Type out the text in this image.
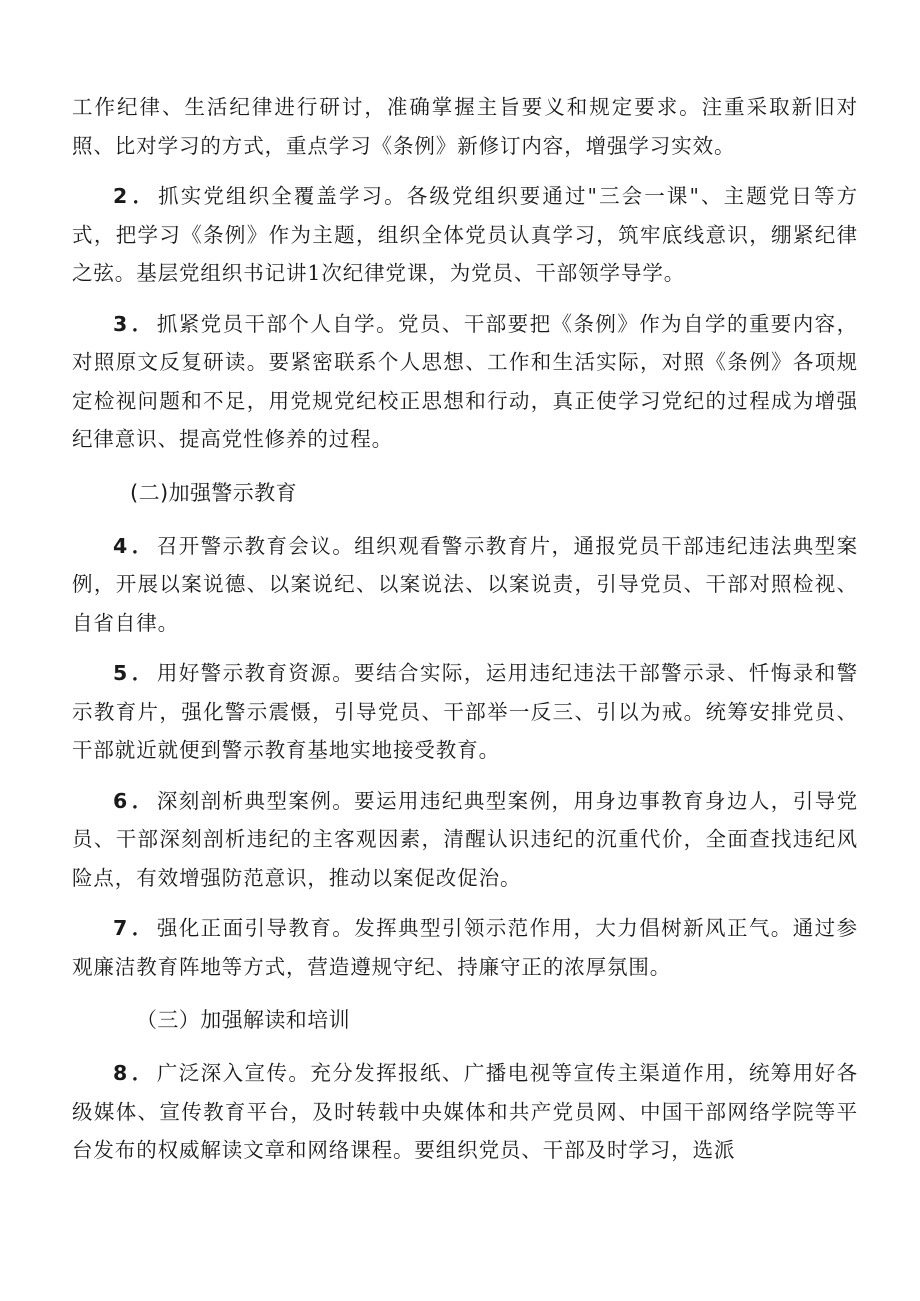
工作纪律、生活纪律进行研讨，准确掌握主旨要义和规定要求。注重采取新旧对照、比对学习的方式，重点学习《条例》新修订内容，增强学习实效。

2．抓实党组织全覆盖学习。各级党组织要通过"三会一课"、主题党日等方式，把学习《条例》作为主题，组织全体党员认真学习，筑牢底线意识，绷紧纪律之弦。基层党组织书记讲1次纪律党课，为党员、干部领学导学。

3．抓紧党员干部个人自学。党员、干部要把《条例》作为自学的重要内容，对照原文反复研读。要紧密联系个人思想、工作和生活实际，对照《条例》各项规定检视问题和不足，用党规党纪校正思想和行动，真正使学习党纪的过程成为增强纪律意识、提高党性修养的过程。

(二)加强警示教育

4．召开警示教育会议。组织观看警示教育片，通报党员干部违纪违法典型案例，开展以案说德、以案说纪、以案说法、以案说责，引导党员、干部对照检视、自省自律。

5．用好警示教育资源。要结合实际，运用违纪违法干部警示录、忏悔录和警示教育片，强化警示震慑，引导党员、干部举一反三、引以为戒。统筹安排党员、干部就近就便到警示教育基地实地接受教育。

6．深刻剖析典型案例。要运用违纪典型案例，用身边事教育身边人，引导党员、干部深刻剖析违纪的主客观因素，清醒认识违纪的沉重代价，全面查找违纪风险点，有效增强防范意识，推动以案促改促治。

7．强化正面引导教育。发挥典型引领示范作用，大力倡树新风正气。通过参观廉洁教育阵地等方式，营造遵规守纪、持廉守正的浓厚氛围。

（三）加强解读和培训

8．广泛深入宣传。充分发挥报纸、广播电视等宣传主渠道作用，统筹用好各级媒体、宣传教育平台，及时转载中央媒体和共产党员网、中国干部网络学院等平台发布的权威解读文章和网络课程。要组织党员、干部及时学习，选派
